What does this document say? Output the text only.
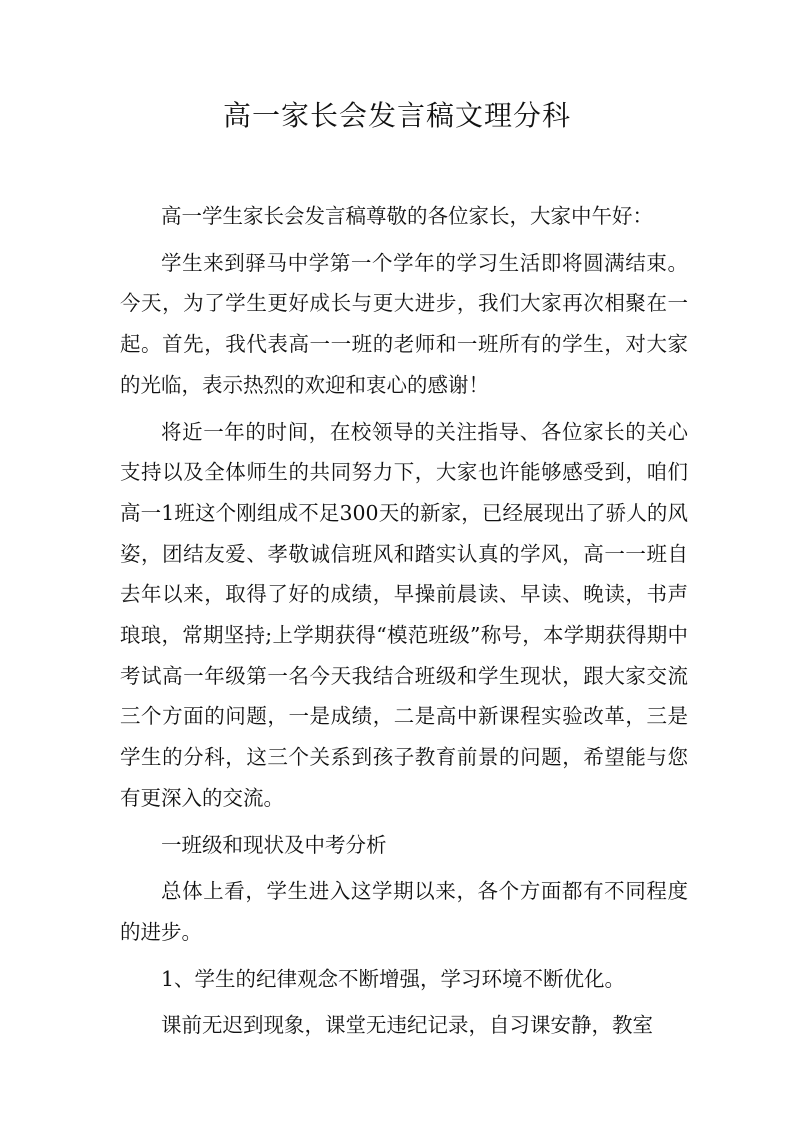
高一家长会发言稿文理分科

高一学生家长会发言稿尊敬的各位家长，大家中午好：

学生来到驿马中学第一个学年的学习生活即将圆满结束。今天，为了学生更好成长与更大进步，我们大家再次相聚在一起。首先，我代表高一一班的老师和一班所有的学生，对大家的光临，表示热烈的欢迎和衷心的感谢！

将近一年的时间，在校领导的关注指导、各位家长的关心支持以及全体师生的共同努力下，大家也许能够感受到，咱们高一1班这个刚组成不足300天的新家，已经展现出了骄人的风姿，团结友爱、孝敬诚信班风和踏实认真的学风，高一一班自去年以来，取得了好的成绩，早操前晨读、早读、晚读，书声琅琅，常期坚持;上学期获得“模范班级”称号，本学期获得期中考试高一年级第一名今天我结合班级和学生现状，跟大家交流三个方面的问题，一是成绩，二是高中新课程实验改革，三是学生的分科，这三个关系到孩子教育前景的问题，希望能与您有更深入的交流。

一班级和现状及中考分析

总体上看，学生进入这学期以来，各个方面都有不同程度的进步。

1、学生的纪律观念不断增强，学习环境不断优化。

课前无迟到现象，课堂无违纪记录，自习课安静，教室
